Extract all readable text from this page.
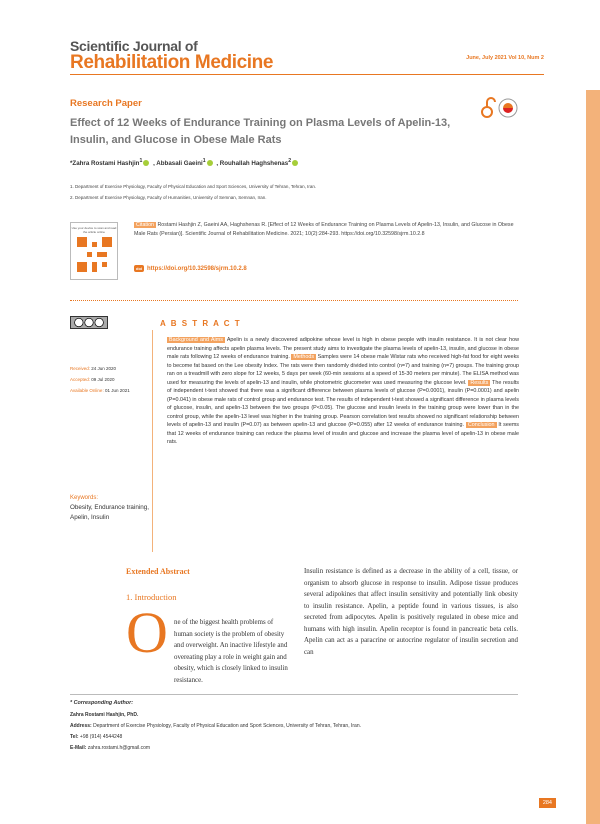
Scientific Journal of
Rehabilitation Medicine	June, July 2021 Vol 10, Num 2
Research Paper
Effect of 12 Weeks of Endurance Training on Plasma Levels of Apelin-13, Insulin, and Glucose in Obese Male Rats
*Zahra Rostami Hashjin$^1$ , Abbasali Gaeini$^1$ , Rouhallah Haghshenas$^2$
1. Department of Exercise Physiology, Faculty of Physical Education and Sport Sciences, University of Tehran, Tehran, Iran.
2. Department of Exercise Physiology, Faculty of Humanities, University of Semnan, Semnan, Iran.
Use your device to scan and read the article online
Citation Rostami Hashjin Z, Gaeini AA, Haghshenas R. [Effect of 12 Weeks of Endurance Training on Plasma Levels of Apelin-13, Insulin, and Glucose in Obese Male Rats (Persian)]. Scientific Journal of Rehabilitation Medicine. 2021; 10(2):284-293. https://doi.org/10.32598/sjrm.10.2.8
doi https://doi.org/10.32598/sjrm.10.2.8
A B S T R A C T
Background and Aims Apelin is a newly discovered adipokine whose level is high in obese people with insulin resistance. It is not clear how endurance training affects apelin plasma levels. The present study aims to investigate the plasma levels of apelin-13, insulin, and glucose in obese male rats following 12 weeks of endurance training. Methods Samples were 14 obese male Wistar rats who received high-fat food for eight weeks to become fat based on the Lee obesity Index. The rats were then randomly divided into control (n=7) and training (n=7) groups. The training group ran on a treadmill with zero slope for 12 weeks, 5 days per week (60-min sessions at a speed of 15-30 meters per minute). The ELISA method was used for measuring the levels of apelin-13 and insulin, while photometric glucometer was used measuring the glucose level. Results The results of independent t-test showed that there was a significant difference between plasma levels of glucose (P=0.0001), insulin (P=0.0001) and apelin (P=0.041) in obese male rats of control group and endurance test. The results of independent t-test showed a significant difference in plasma levels of glucose, insulin, and apelin-13 between the two groups (P<0.05). The glucose and insulin levels in the training group were lower than in the control group, while the apelin-13 level was higher in the training group. Pearson correlation test results showed no significant relationship between levels of apelin-13 and insulin (P=0.07) as between apelin-13 and glucose (P=0.055) after 12 weeks of endurance training. Conclusion It seems that 12 weeks of endurance training can reduce the plasma level of insulin and glucose and increase the plasma level of apelin-13 in obese male rats.
Received: 24 Jun 2020
Accepted: 09 Jul 2020
Available Online: 01 Jun 2021
Keywords:
Obesity, Endurance training, Apelin, Insulin
Extended Abstract
1. Introduction
O ne of the biggest health problems of human society is the problem of obesity and overweight. An inactive lifestyle and overeating play a role in weight gain and obesity, which is closely linked to insulin resistance.
Insulin resistance is defined as a decrease in the ability of a cell, tissue, or organism to absorb glucose in response to insulin. Adipose tissue produces several adipokines that affect insulin sensitivity and potentially link obesity to insulin resistance. Apelin, a peptide found in various tissues, is also secreted from adipocytes. Apelin is positively regulated in obese mice and humans with high insulin. Apelin receptor is found in pancreatic beta cells. Apelin can act as a paracrine or autocrine regulator of insulin secretion and can
* Corresponding Author:
Zahra Rostami Hashjin, PhD.
Address: Department of Exercise Physiology, Faculty of Physical Education and Sport Sciences, University of Tehran, Tehran, Iran.
Tel: +98 (914) 4544248
E-Mail: zahra.rostami.h@gmail.com
284
